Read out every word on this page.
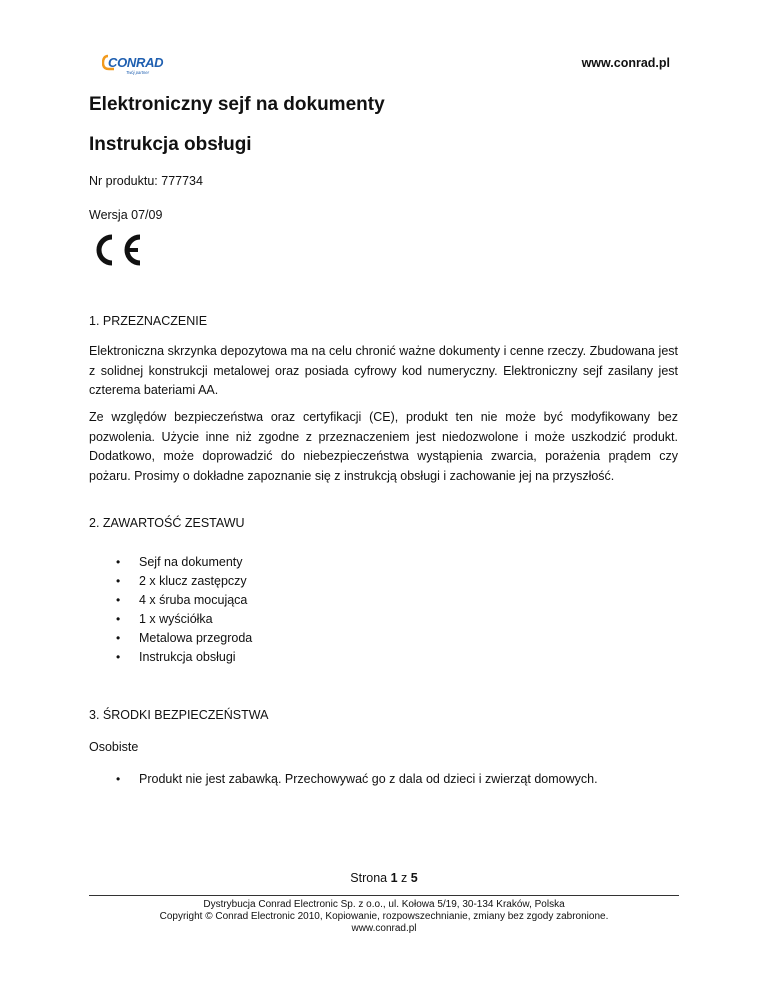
CONRAD
Twój partner
www.conrad.pl
Elektroniczny sejf na dokumenty
Instrukcja obsługi

Nr produktu: 777734

Wersja 07/09

1. PRZEZNACZENIE

Elektroniczna skrzynka depozytowa ma na celu chronić ważne dokumenty i cenne rzeczy. Zbudowana jest z solidnej konstrukcji metalowej oraz posiada cyfrowy kod numeryczny. Elektroniczny sejf zasilany jest czterema bateriami AA.

Ze względów bezpieczeństwa oraz certyfikacji (CE), produkt ten nie może być modyfikowany bez pozwolenia. Użycie inne niż zgodne z przeznaczeniem jest niedozwolone i może uszkodzić produkt. Dodatkowo, może doprowadzić do niebezpieczeństwa wystąpienia zwarcia, porażenia prądem czy pożaru. Prosimy o dokładne zapoznanie się z instrukcją obsługi i zachowanie jej na przyszłość.

2. ZAWARTOŚĆ ZESTAWU

• Sejf na dokumenty
• 2 x klucz zastępczy
• 4 x śruba mocująca
• 1 x wyściółka
• Metalowa przegroda
• Instrukcja obsługi

3. ŚRODKI BEZPIECZEŃSTWA

Osobiste

• Produkt nie jest zabawką. Przechowywać go z dala od dzieci i zwierząt domowych.
Strona 1 z 5
Dystrybucja Conrad Electronic Sp. z o.o., ul. Kołowa 5/19, 30-134 Kraków, Polska
Copyright © Conrad Electronic 2010, Kopiowanie, rozpowszechnianie, zmiany bez zgody zabronione.
www.conrad.pl
